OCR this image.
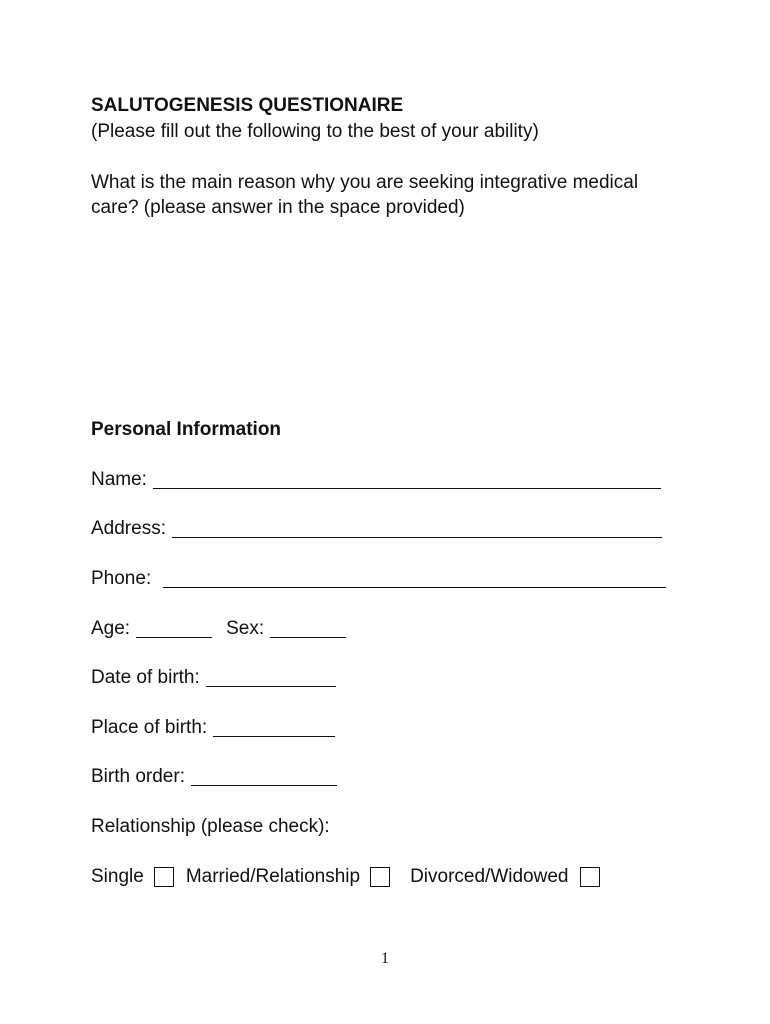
SALUTOGENESIS QUESTIONAIRE
(Please fill out the following to the best of your ability)
What is the main reason why you are seeking integrative medical
care? (please answer in the space provided)
Personal Information
Name:
Address:
Phone:
Age:	Sex:
Date of birth:
Place of birth:
Birth order:
Relationship (please check):
Single Married/Relationship	Divorced/Widowed
1
